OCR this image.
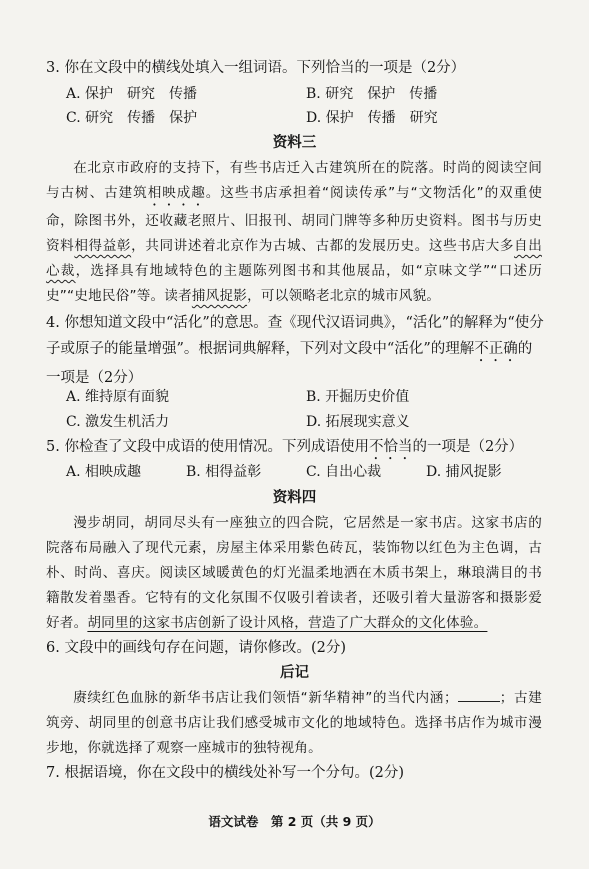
3. 你在文段中的横线处填入一组词语。下列恰当的一项是（2分）
A. 保护　研究　传播	B. 研究　保护　传播
C. 研究　传播　保护	D. 保护　传播　研究
资料三
在北京市政府的支持下，有些书店迁入古建筑所在的院落。时尚的阅读空间与古树、古建筑相映成趣。这些书店承担着“阅读传承”与“文物活化”的双重使命，除图书外，还收藏老照片、旧报刊、胡同门牌等多种历史资料。图书与历史资料相得益彰，共同讲述着北京作为古城、古都的发展历史。这些书店大多自出心裁，选择具有地域特色的主题陈列图书和其他展品，如“京味文学”“口述历史”“史地民俗”等。读者捕风捉影，可以领略老北京的城市风貌。
4. 你想知道文段中“活化”的意思。查《现代汉语词典》，“活化”的解释为“使分子或原子的能量增强”。根据词典解释，下列对文段中“活化”的理解不正确的一项是（2分）
A. 维持原有面貌	B. 开掘历史价值
C. 激发生机活力	D. 拓展现实意义
5. 你检查了文段中成语的使用情况。下列成语使用不恰当的一项是（2分）
A. 相映成趣	B. 相得益彰	C. 自出心裁	D. 捕风捉影
资料四
漫步胡同，胡同尽头有一座独立的四合院，它居然是一家书店。这家书店的院落布局融入了现代元素，房屋主体采用紫色砖瓦，装饰物以红色为主色调，古朴、时尚、喜庆。阅读区域暖黄色的灯光温柔地洒在木质书架上，琳琅满目的书籍散发着墨香。它特有的文化氛围不仅吸引着读者，还吸引着大量游客和摄影爱好者。胡同里的这家书店创新了设计风格，营造了广大群众的文化体验。
6. 文段中的画线句存在问题，请你修改。(2分)
后记
赓续红色血脉的新华书店让我们领悟“新华精神”的当代内涵；	；古建筑旁、胡同里的创意书店让我们感受城市文化的地域特色。选择书店作为城市漫步地，你就选择了观察一座城市的独特视角。
7. 根据语境，你在文段中的横线处补写一个分句。(2分)
语文试卷　第 2 页（共 9 页）
